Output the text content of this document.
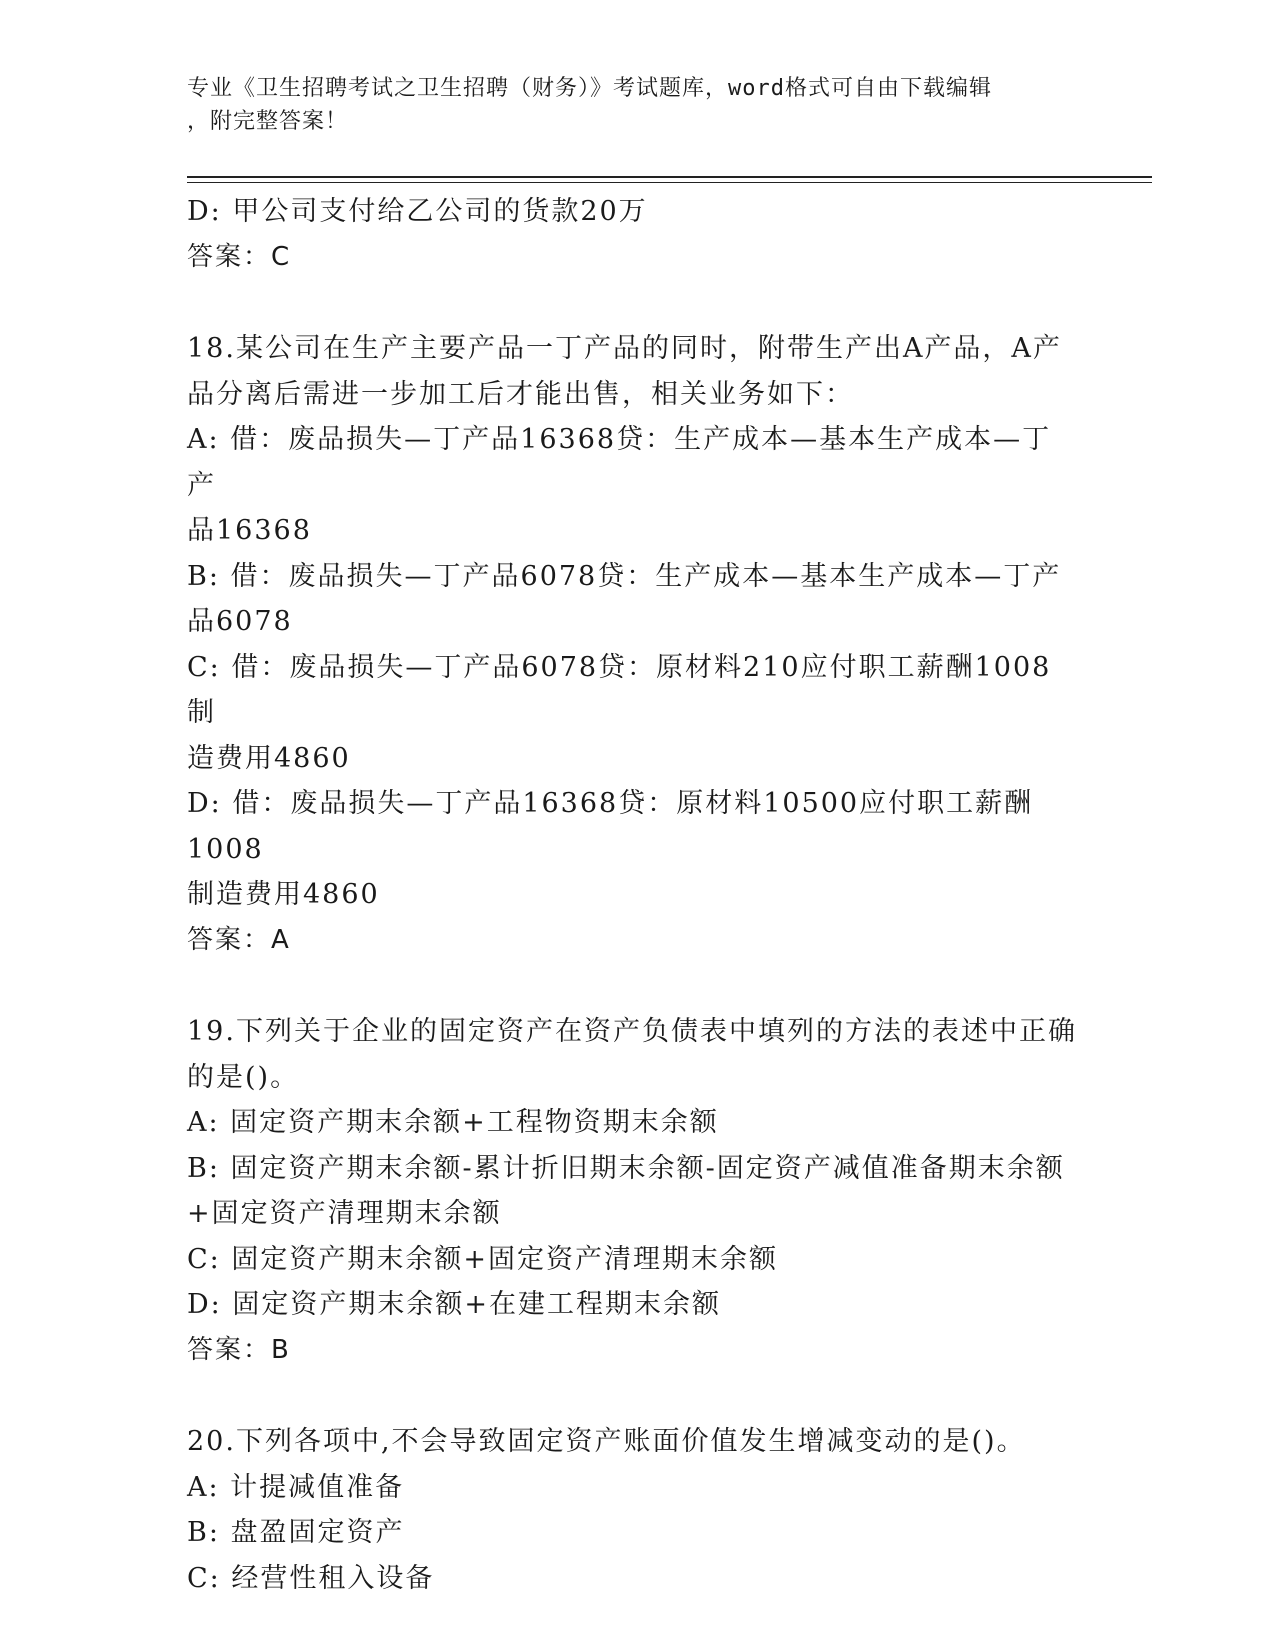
专业《卫生招聘考试之卫生招聘（财务）》考试题库，word格式可自由下载编辑
，附完整答案！
D: 甲公司支付给乙公司的货款20万
答案：C
18.某公司在生产主要产品一丁产品的同时，附带生产出A产品，A产
品分离后需进一步加工后才能出售，相关业务如下：
A: 借：废品损失—丁产品16368贷：生产成本—基本生产成本—丁产
品16368
B: 借：废品损失—丁产品6078贷：生产成本—基本生产成本—丁产
品6078
C: 借：废品损失—丁产品6078贷：原材料210应付职工薪酬1008制
造费用4860
D: 借：废品损失—丁产品16368贷：原材料10500应付职工薪酬1008
制造费用4860
答案：A
19.下列关于企业的固定资产在资产负债表中填列的方法的表述中正确
的是()。
A: 固定资产期末余额+工程物资期末余额
B: 固定资产期末余额-累计折旧期末余额-固定资产减值准备期末余额
+固定资产清理期末余额
C: 固定资产期末余额+固定资产清理期末余额
D: 固定资产期末余额+在建工程期末余额
答案：B
20.下列各项中,不会导致固定资产账面价值发生增减变动的是()。
A: 计提减值准备
B: 盘盈固定资产
C: 经营性租入设备
